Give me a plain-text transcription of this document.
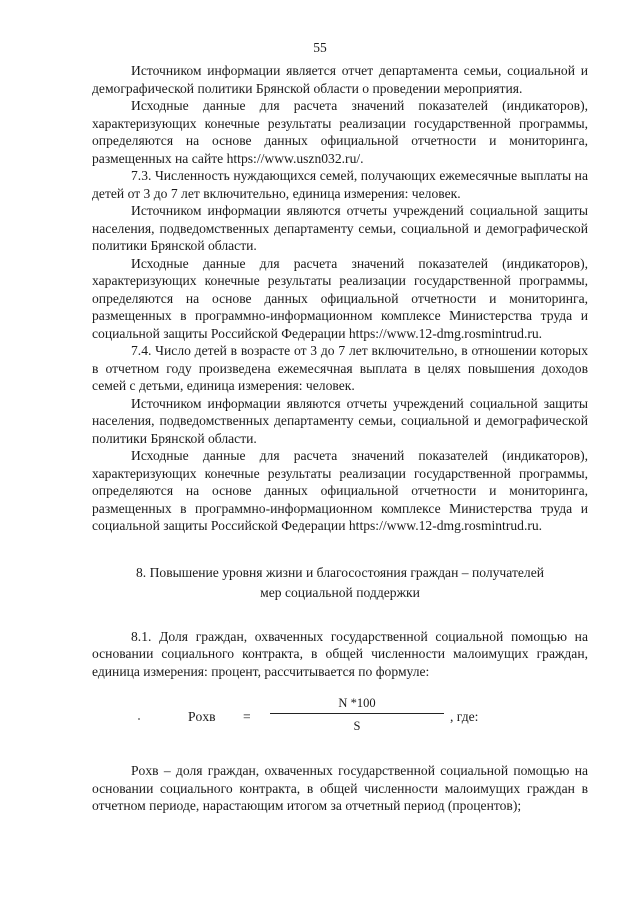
55

Источником информации является отчет департамента семьи, социальной и демографической политики Брянской области о проведении мероприятия.

Исходные данные для расчета значений показателей (индикаторов), характеризующих конечные результаты реализации государственной программы, определяются на основе данных официальной отчетности и мониторинга, размещенных на сайте https://www.uszn032.ru/.

7.3. Численность нуждающихся семей, получающих ежемесячные выплаты на детей от 3 до 7 лет включительно, единица измерения: человек.

Источником информации являются отчеты учреждений социальной защиты населения, подведомственных департаменту семьи, социальной и демографической политики Брянской области.

Исходные данные для расчета значений показателей (индикаторов), характеризующих конечные результаты реализации государственной программы, определяются на основе данных официальной отчетности и мониторинга, размещенных в программно-информационном комплексе Министерства труда и социальной защиты Российской Федерации https://www.12-dmg.rosmintrud.ru.

7.4. Число детей в возрасте от 3 до 7 лет включительно, в отношении которых в отчетном году произведена ежемесячная выплата в целях повышения доходов семей с детьми, единица измерения: человек.

Источником информации являются отчеты учреждений социальной защиты населения, подведомственных департаменту семьи, социальной и демографической политики Брянской области.

Исходные данные для расчета значений показателей (индикаторов), характеризующих конечные результаты реализации государственной программы, определяются на основе данных официальной отчетности и мониторинга, размещенных в программно-информационном комплексе Министерства труда и социальной защиты Российской Федерации https://www.12-dmg.rosmintrud.ru.

8. Повышение уровня жизни и благосостояния граждан – получателей

мер социальной поддержки

8.1. Доля граждан, охваченных государственной социальной помощью на основании социального контракта, в общей численности малоимущих граждан, единица измерения: процент, рассчитывается по формуле:

Poхв =
N *100
S
, где:

Poхв – доля граждан, охваченных государственной социальной помощью на основании социального контракта, в общей численности малоимущих граждан в отчетном периоде, нарастающим итогом за отчетный период (процентов);
